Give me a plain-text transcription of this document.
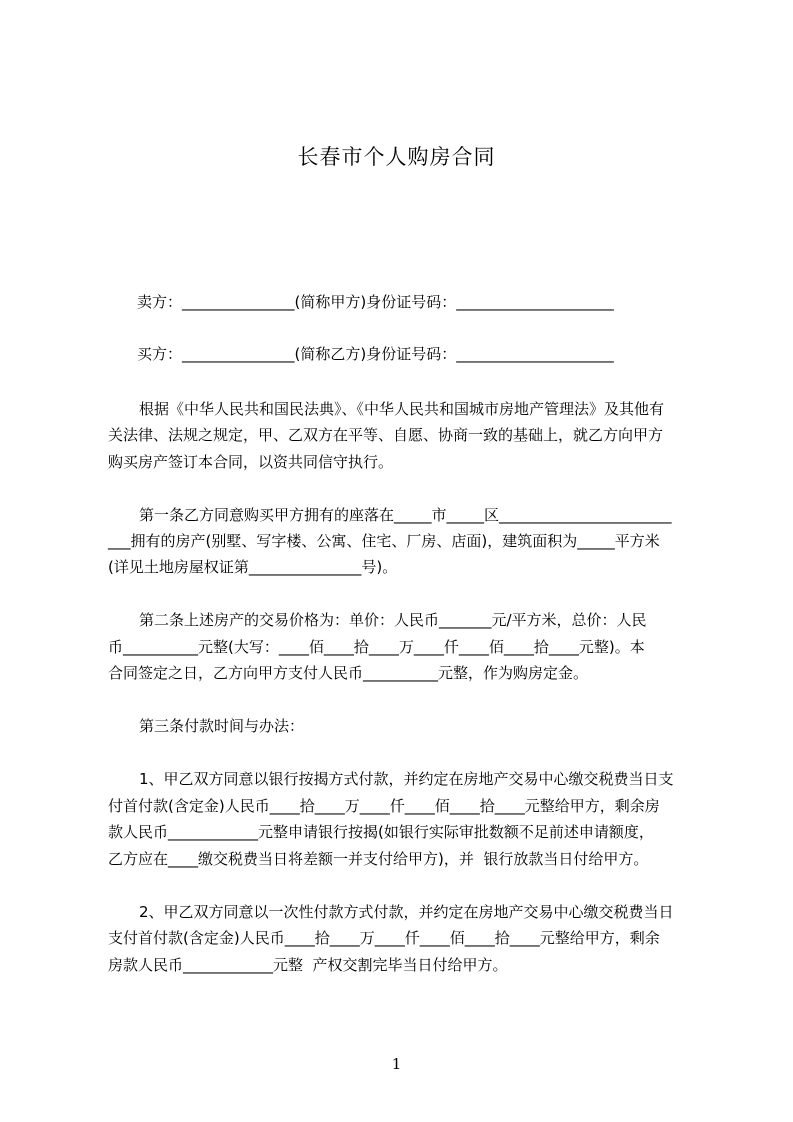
长春市个人购房合同
卖方：_______________(简称甲方)身份证号码：_____________________
买方：_______________(简称乙方)身份证号码：_____________________
根据《中华人民共和国民法典》、《中华人民共和国城市房地产管理法》及其他有
关法律、法规之规定，甲、乙双方在平等、自愿、协商一致的基础上，就乙方向甲方
购买房产签订本合同，以资共同信守执行。
第一条乙方同意购买甲方拥有的座落在_____市_____区_______________________
___拥有的房产(别墅、写字楼、公寓、住宅、厂房、店面)，建筑面积为_____平方米
(详见土地房屋权证第_______________号)。
第二条上述房产的交易价格为：单价：人民币_______元/平方米，总价：人民
币__________元整(大写：____佰____拾____万____仟____佰____拾____元整)。本
合同签定之日，乙方向甲方支付人民币__________元整，作为购房定金。
第三条付款时间与办法：
1、甲乙双方同意以银行按揭方式付款，并约定在房地产交易中心缴交税费当日支
付首付款(含定金)人民币____拾____万____仟____佰____拾____元整给甲方，剩余房
款人民币____________元整申请银行按揭(如银行实际审批数额不足前述申请额度，
乙方应在____缴交税费当日将差额一并支付给甲方)，并  银行放款当日付给甲方。
2、甲乙双方同意以一次性付款方式付款，并约定在房地产交易中心缴交税费当日
支付首付款(含定金)人民币____拾____万____仟____佰____拾____元整给甲方，剩余
房款人民币____________元整  产权交割完毕当日付给甲方。
1
